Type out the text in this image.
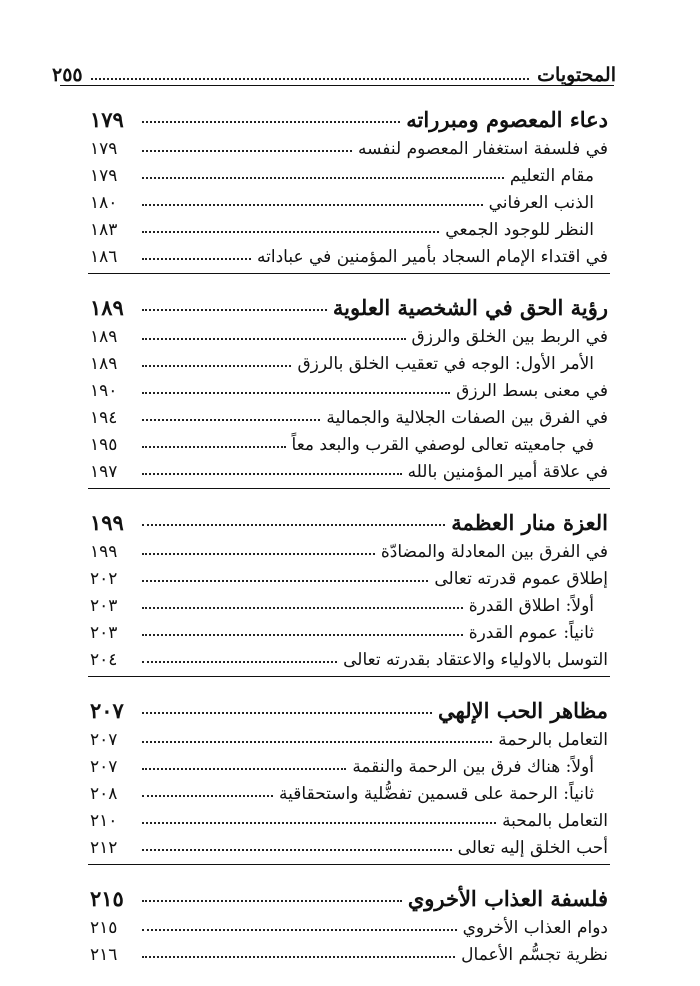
المحتويات
٢٥٥
دعاء المعصوم ومبرراته
١٧٩
في فلسفة استغفار المعصوم لنفسه
١٧٩
مقام التعليم
١٧٩
الذنب العرفاني
١٨٠
النظر للوجود الجمعي
١٨٣
في اقتداء الإمام السجاد بأمير المؤمنين في عباداته
١٨٦
رؤية الحق في الشخصية العلوية
١٨٩
في الربط بين الخلق والرزق
١٨٩
الأمر الأول: الوجه في تعقيب الخلق بالرزق
١٨٩
في معنى بسط الرزق
١٩٠
في الفرق بين الصفات الجلالية والجمالية
١٩٤
في جامعيته تعالى لوصفي القرب والبعد معاً
١٩٥
في علاقة أمير المؤمنين بالله
١٩٧
العزة منار العظمة
١٩٩
في الفرق بين المعادلة والمضادّة
١٩٩
إطلاق عموم قدرته تعالى
٢٠٢
أولاً: اطلاق القدرة
٢٠٣
ثانياً: عموم القدرة
٢٠٣
التوسل بالاولياء والاعتقاد بقدرته تعالى
٢٠٤
مظاهر الحب الإلهي
٢٠٧
التعامل بالرحمة
٢٠٧
أولاً: هناك فرق بين الرحمة والنقمة
٢٠٧
ثانياً: الرحمة على قسمين تفضُّلية واستحقاقية
٢٠٨
التعامل بالمحبة
٢١٠
أحب الخلق إليه تعالى
٢١٢
فلسفة العذاب الأخروي
٢١٥
دوام العذاب الأخروي
٢١٥
نظرية تجسُّم الأعمال
٢١٦
